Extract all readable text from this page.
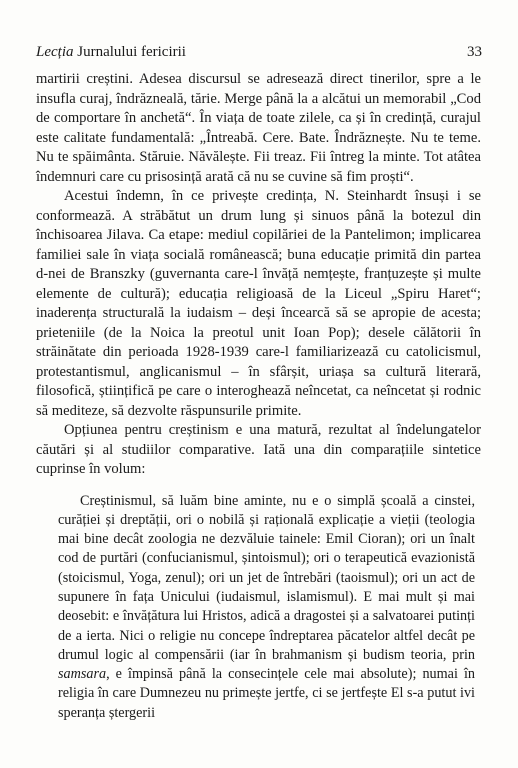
Lecția Jurnalului fericirii	33

martirii creștini. Adesea discursul se adresează direct tinerilor, spre a le insufla curaj, îndrăzneală, tărie. Merge până la a alcătui un memorabil „Cod de comportare în anchetă“. În viața de toate zilele, ca și în credință, curajul este calitate fundamentală: „Întreabă. Cere. Bate. Îndrăznește. Nu te teme. Nu te spăimânta. Stăruie. Năvălește. Fii treaz. Fii întreg la minte. Tot atâtea îndemnuri care cu prisosință arată că nu se cuvine să fim proști“.

Acestui îndemn, în ce privește credința, N. Steinhardt însuși i se conformează. A străbătut un drum lung și sinuos până la botezul din închisoarea Jilava. Ca etape: mediul copilăriei de la Pantelimon; implicarea familiei sale în viața socială românească; buna educație primită din partea d-nei de Branszky (guvernanta care-l învăță nemțește, franțuzește și multe elemente de cultură); educația religioasă de la Liceul „Spiru Haret“; inaderența structurală la iudaism – deși încearcă să se apropie de acesta; prieteniile (de la Noica la preotul unit Ioan Pop); desele călătorii în străinătate din perioada 1928-1939 care-l familiarizează cu catolicismul, protestantismul, anglicanismul – în sfârșit, uriașa sa cultură literară, filosofică, științifică pe care o interoghează neîncetat, ca neîncetat și rodnic să mediteze, să dezvolte răspunsurile primite.

Opțiunea pentru creștinism e una matură, rezultat al îndelungatelor căutări și al studiilor comparative. Iată una din comparațiile sintetice cuprinse în volum:

Creștinismul, să luăm bine aminte, nu e o simplă școală a cinstei, curăției și dreptății, ori o nobilă și rațională explicație a vieții (teologia mai bine decât zoologia ne dezvăluie tainele: Emil Cioran); ori un înalt cod de purtări (confucianismul, șintoismul); ori o terapeutică evazionistă (stoicismul, Yoga, zenul); ori un jet de întrebări (taoismul); ori un act de supunere în fața Unicului (iudaismul, islamismul). E mai mult și mai deosebit: e învățătura lui Hristos, adică a dragostei și a salvatoarei putinți de a ierta. Nici o religie nu concepe îndreptarea păcatelor altfel decât pe drumul logic al compensării (iar în brahmanism și budism teoria, prin samsara, e împinsă până la consecințele cele mai absolute); numai în religia în care Dumnezeu nu primește jertfe, ci se jertfește El s-a putut ivi speranța ștergerii
